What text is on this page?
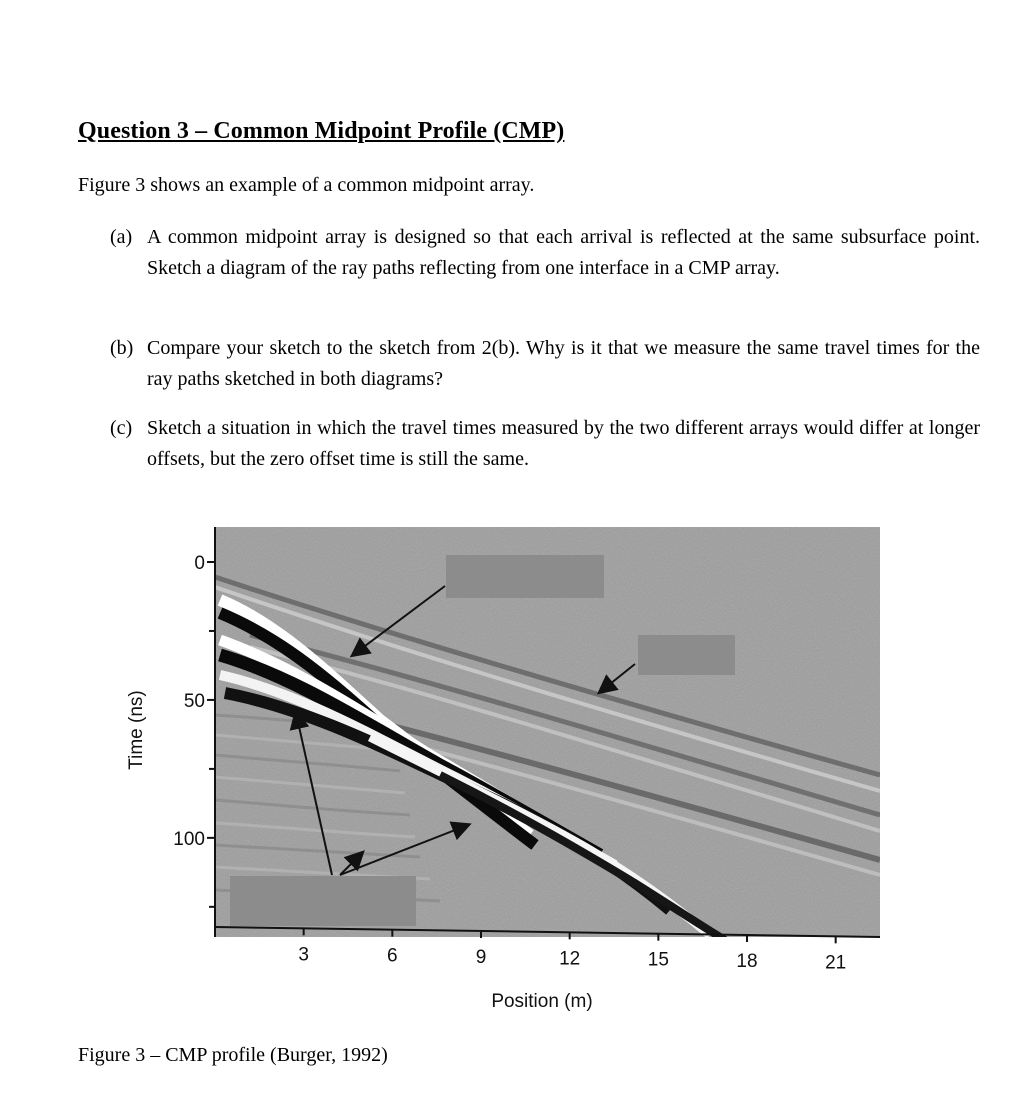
Question 3 – Common Midpoint Profile (CMP)

Figure 3 shows an example of a common midpoint array.

(a) A common midpoint array is designed so that each arrival is reflected at the same subsurface point. Sketch a diagram of the ray paths reflecting from one interface in a CMP array.
(b) Compare your sketch to the sketch from 2(b). Why is it that we measure the same travel times for the ray paths sketched in both diagrams?
(c) Sketch a situation in which the travel times measured by the two different arrays would differ at longer offsets, but the zero offset time is still the same.
3	6	9	12	15	18	21
0
50
100
Position (m)
Time (ns)

Figure 3 – CMP profile (Burger, 1992)
